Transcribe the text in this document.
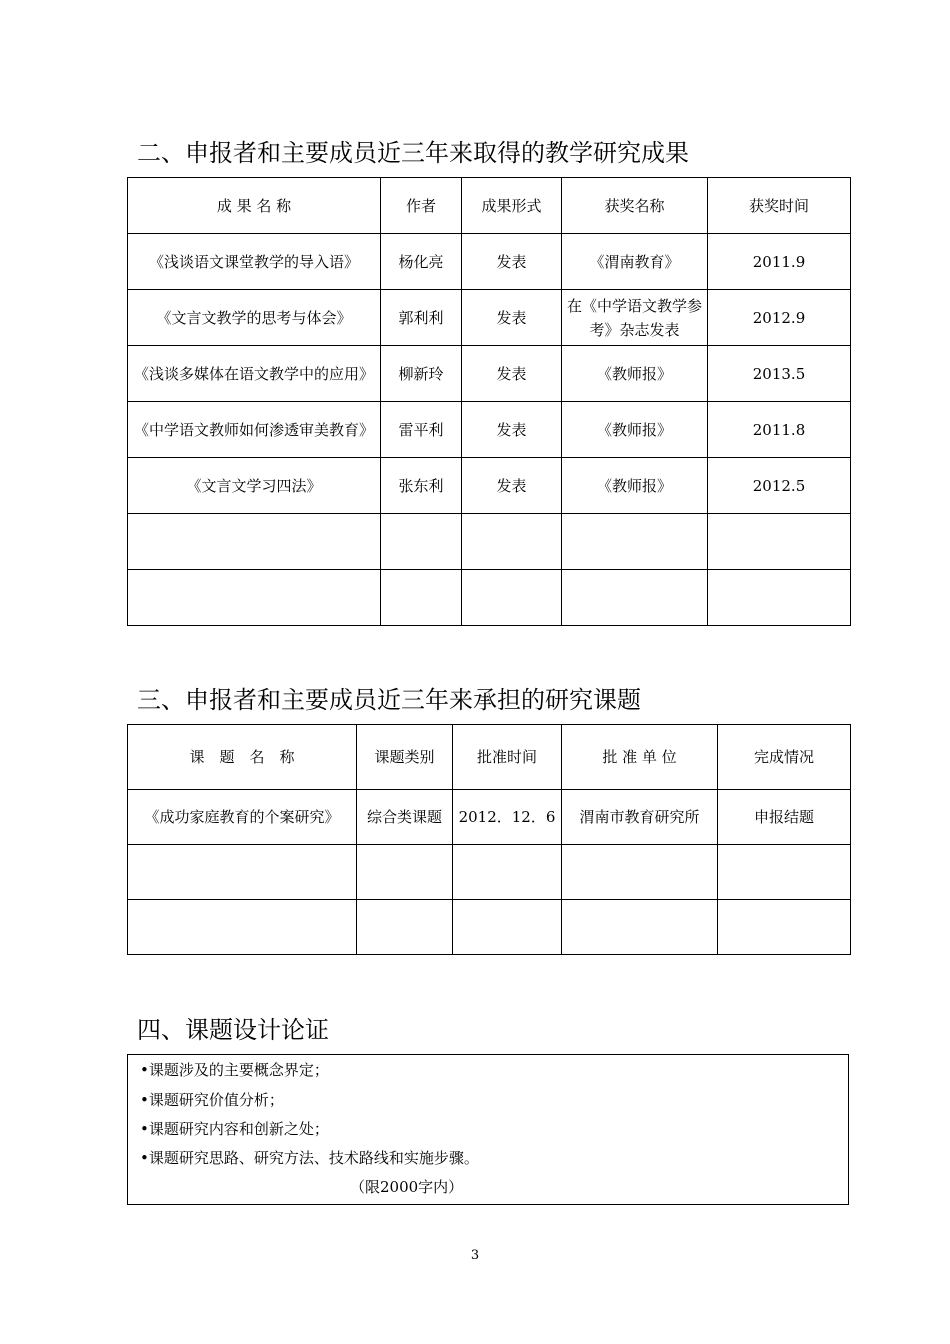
二、申报者和主要成员近三年来取得的教学研究成果
成 果 名 称	作者	成果形式	获奖名称	获奖时间
《浅谈语文课堂教学的导入语》	杨化亮	发表	《渭南教育》	2011.9
《文言文教学的思考与体会》	郭利利	发表	在《中学语文教学参考》杂志发表	2012.9
《浅谈多媒体在语文教学中的应用》	柳新玲	发表	《教师报》	2013.5
《中学语文教师如何渗透审美教育》	雷平利	发表	《教师报》	2011.8
《文言文学习四法》	张东利	发表	《教师报》	2012.5

三、申报者和主要成员近三年来承担的研究课题
课　题　名　称	课题类别	批准时间	批 准 单 位	完成情况
《成功家庭教育的个案研究》	综合类课题	2012．12．6	渭南市教育研究所	申报结题

四、课题设计论证
•课题涉及的主要概念界定；
•课题研究价值分析；
•课题研究内容和创新之处；
•课题研究思路、研究方法、技术路线和实施步骤。
（限2000字内）
3
